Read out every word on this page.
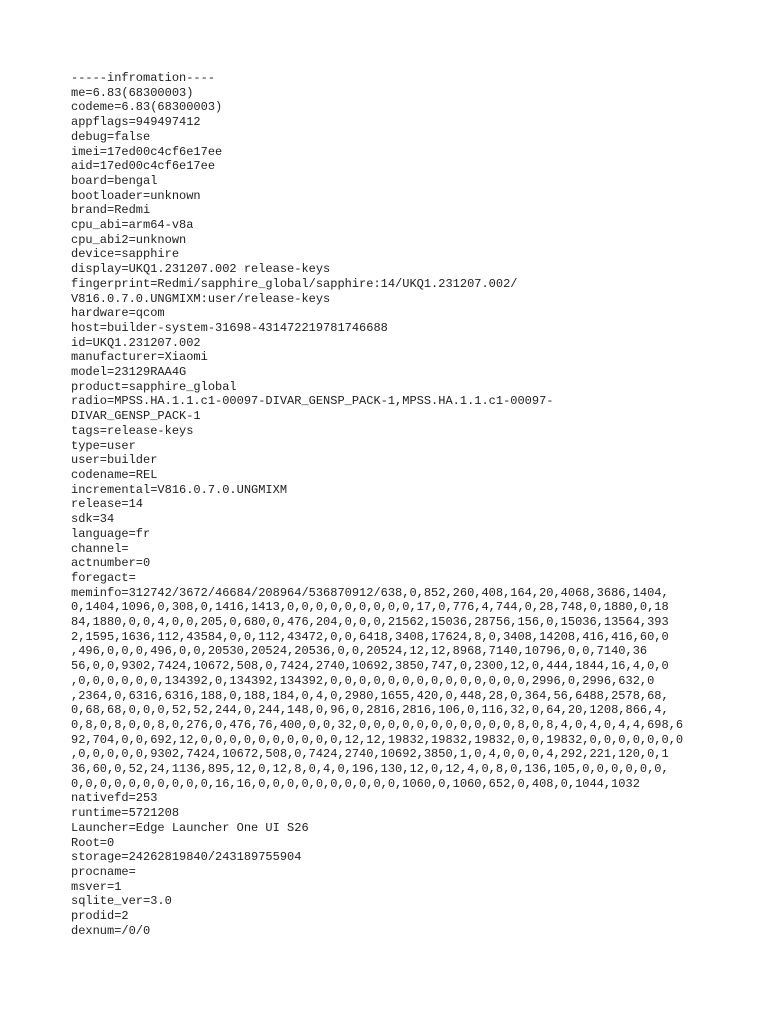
-----infromation----
me=6.83(68300003)
codeme=6.83(68300003)
appflags=949497412
debug=false
imei=17ed00c4cf6e17ee
aid=17ed00c4cf6e17ee
board=bengal
bootloader=unknown
brand=Redmi
cpu_abi=arm64-v8a
cpu_abi2=unknown
device=sapphire
display=UKQ1.231207.002 release-keys
fingerprint=Redmi/sapphire_global/sapphire:14/UKQ1.231207.002/
V816.0.7.0.UNGMIXM:user/release-keys
hardware=qcom
host=builder-system-31698-431472219781746688
id=UKQ1.231207.002
manufacturer=Xiaomi
model=23129RAA4G
product=sapphire_global
radio=MPSS.HA.1.1.c1-00097-DIVAR_GENSP_PACK-1,MPSS.HA.1.1.c1-00097-
DIVAR_GENSP_PACK-1
tags=release-keys
type=user
user=builder
codename=REL
incremental=V816.0.7.0.UNGMIXM
release=14
sdk=34
language=fr
channel=
actnumber=0
foregact=
meminfo=312742/3672/46684/208964/536870912/638,0,852,260,408,164,20,4068,3686,1404,
0,1404,1096,0,308,0,1416,1413,0,0,0,0,0,0,0,0,0,17,0,776,4,744,0,28,748,0,1880,0,18
84,1880,0,0,4,0,0,205,0,680,0,476,204,0,0,0,21562,15036,28756,156,0,15036,13564,393
2,1595,1636,112,43584,0,0,112,43472,0,0,6418,3408,17624,8,0,3408,14208,416,416,60,0
,496,0,0,0,496,0,0,20530,20524,20536,0,0,20524,12,12,8968,7140,10796,0,0,7140,36
56,0,0,9302,7424,10672,508,0,7424,2740,10692,3850,747,0,2300,12,0,444,1844,16,4,0,0
,0,0,0,0,0,0,134392,0,134392,134392,0,0,0,0,0,0,0,0,0,0,0,0,0,0,2996,0,2996,632,0
,2364,0,6316,6316,188,0,188,184,0,4,0,2980,1655,420,0,448,28,0,364,56,6488,2578,68,
0,68,68,0,0,0,52,52,244,0,244,148,0,96,0,2816,2816,106,0,116,32,0,64,20,1208,866,4,
0,8,0,8,0,0,8,0,276,0,476,76,400,0,0,32,0,0,0,0,0,0,0,0,0,0,0,8,0,8,4,0,4,0,4,4,698,6
92,704,0,0,692,12,0,0,0,0,0,0,0,0,0,0,12,12,19832,19832,19832,0,0,19832,0,0,0,0,0,0,0
,0,0,0,0,0,9302,7424,10672,508,0,7424,2740,10692,3850,1,0,4,0,0,0,4,292,221,120,0,1
36,60,0,52,24,1136,895,12,0,12,8,0,4,0,196,130,12,0,12,4,0,8,0,136,105,0,0,0,0,0,0,
0,0,0,0,0,0,0,0,0,0,16,16,0,0,0,0,0,0,0,0,0,0,1060,0,1060,652,0,408,0,1044,1032
nativefd=253
runtime=5721208
Launcher=Edge Launcher One UI S26
Root=0
storage=24262819840/243189755904
procname=
msver=1
sqlite_ver=3.0
prodid=2
dexnum=/0/0
